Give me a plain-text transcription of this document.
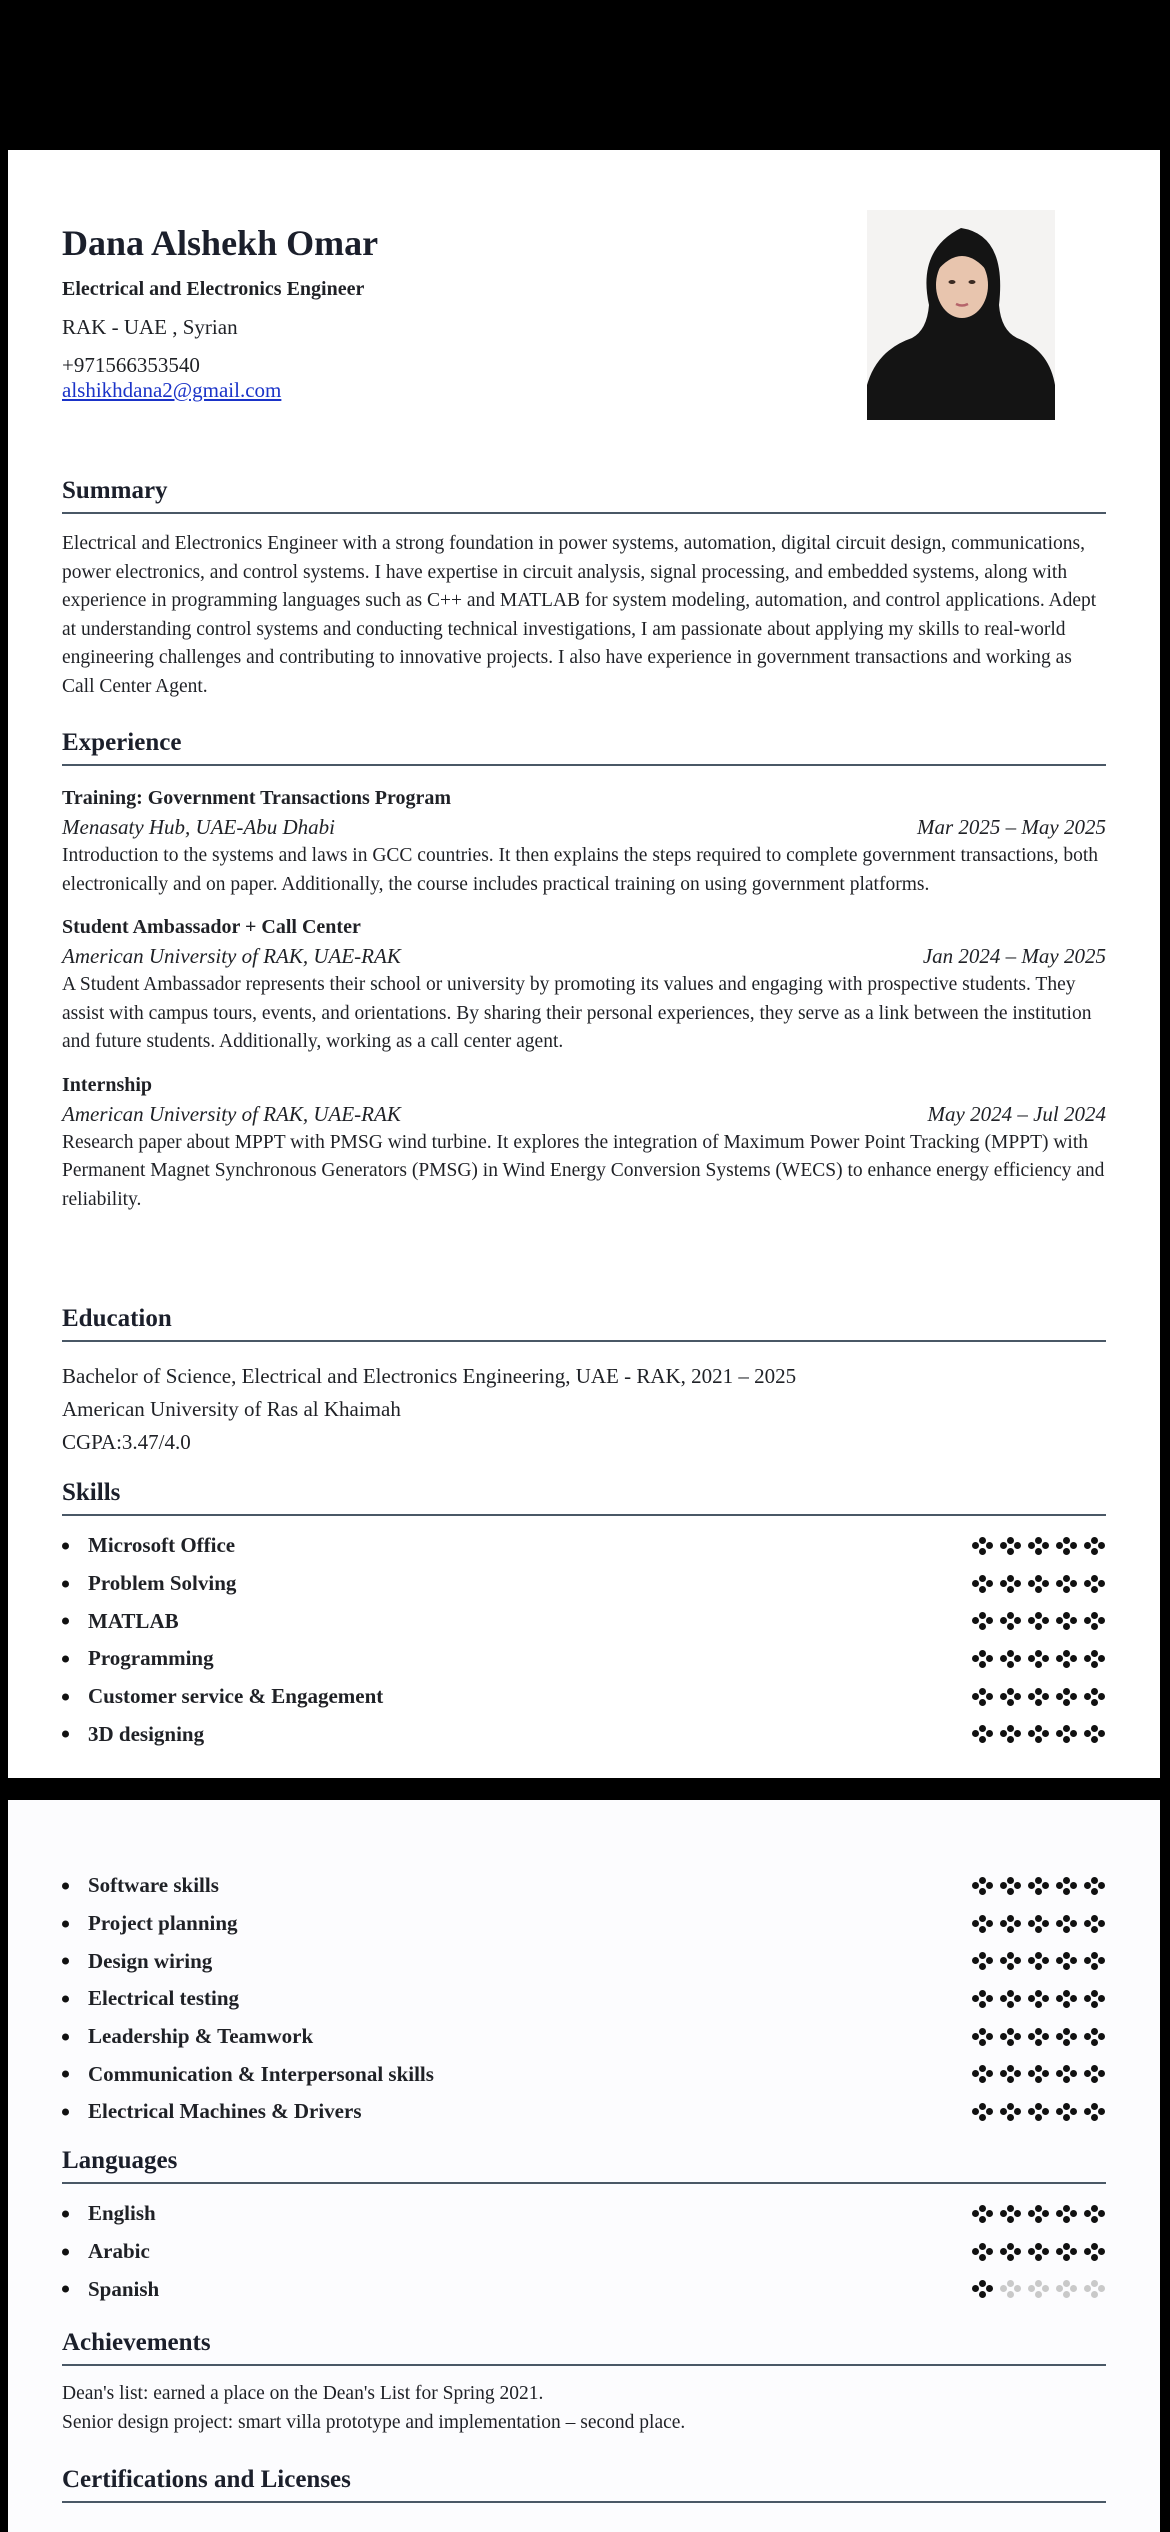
Dana Alshekh Omar
Electrical and Electronics Engineer
RAK - UAE , Syrian
+971566353540
alshikhdana2@gmail.com
Summary
Electrical and Electronics Engineer with a strong foundation in power systems, automation, digital circuit design, communications, power electronics, and control systems. I have expertise in circuit analysis, signal processing, and embedded systems, along with experience in programming languages such as C++ and MATLAB for system modeling, automation, and control applications. Adept at understanding control systems and conducting technical investigations, I am passionate about applying my skills to real-world engineering challenges and contributing to innovative projects. I also have experience in government transactions and working as Call Center Agent.
Experience
Training: Government Transactions Program
Menasaty Hub, UAE-Abu Dhabi	Mar 2025 – May 2025
Introduction to the systems and laws in GCC countries. It then explains the steps required to complete government transactions, both electronically and on paper. Additionally, the course includes practical training on using government platforms.
Student Ambassador + Call Center
American University of RAK, UAE-RAK	Jan 2024 – May 2025
A Student Ambassador represents their school or university by promoting its values and engaging with prospective students. They assist with campus tours, events, and orientations. By sharing their personal experiences, they serve as a link between the institution and future students. Additionally, working as a call center agent.
Internship
American University of RAK, UAE-RAK	May 2024 – Jul 2024
Research paper about MPPT with PMSG wind turbine. It explores the integration of Maximum Power Point Tracking (MPPT) with Permanent Magnet Synchronous Generators (PMSG) in Wind Energy Conversion Systems (WECS) to enhance energy efficiency and reliability.
Education
Bachelor of Science, Electrical and Electronics Engineering, UAE - RAK, 2021 – 2025
American University of Ras al Khaimah
CGPA:3.47/4.0
Skills
Microsoft Office
Problem Solving
MATLAB
Programming
Customer service & Engagement
3D designing
Software skills
Project planning
Design wiring
Electrical testing
Leadership & Teamwork
Communication & Interpersonal skills
Electrical Machines & Drivers
Languages
English
Arabic
Spanish
Achievements
Dean's list: earned a place on the Dean's List for Spring 2021.
Senior design project: smart villa prototype and implementation – second place.
Certifications and Licenses
